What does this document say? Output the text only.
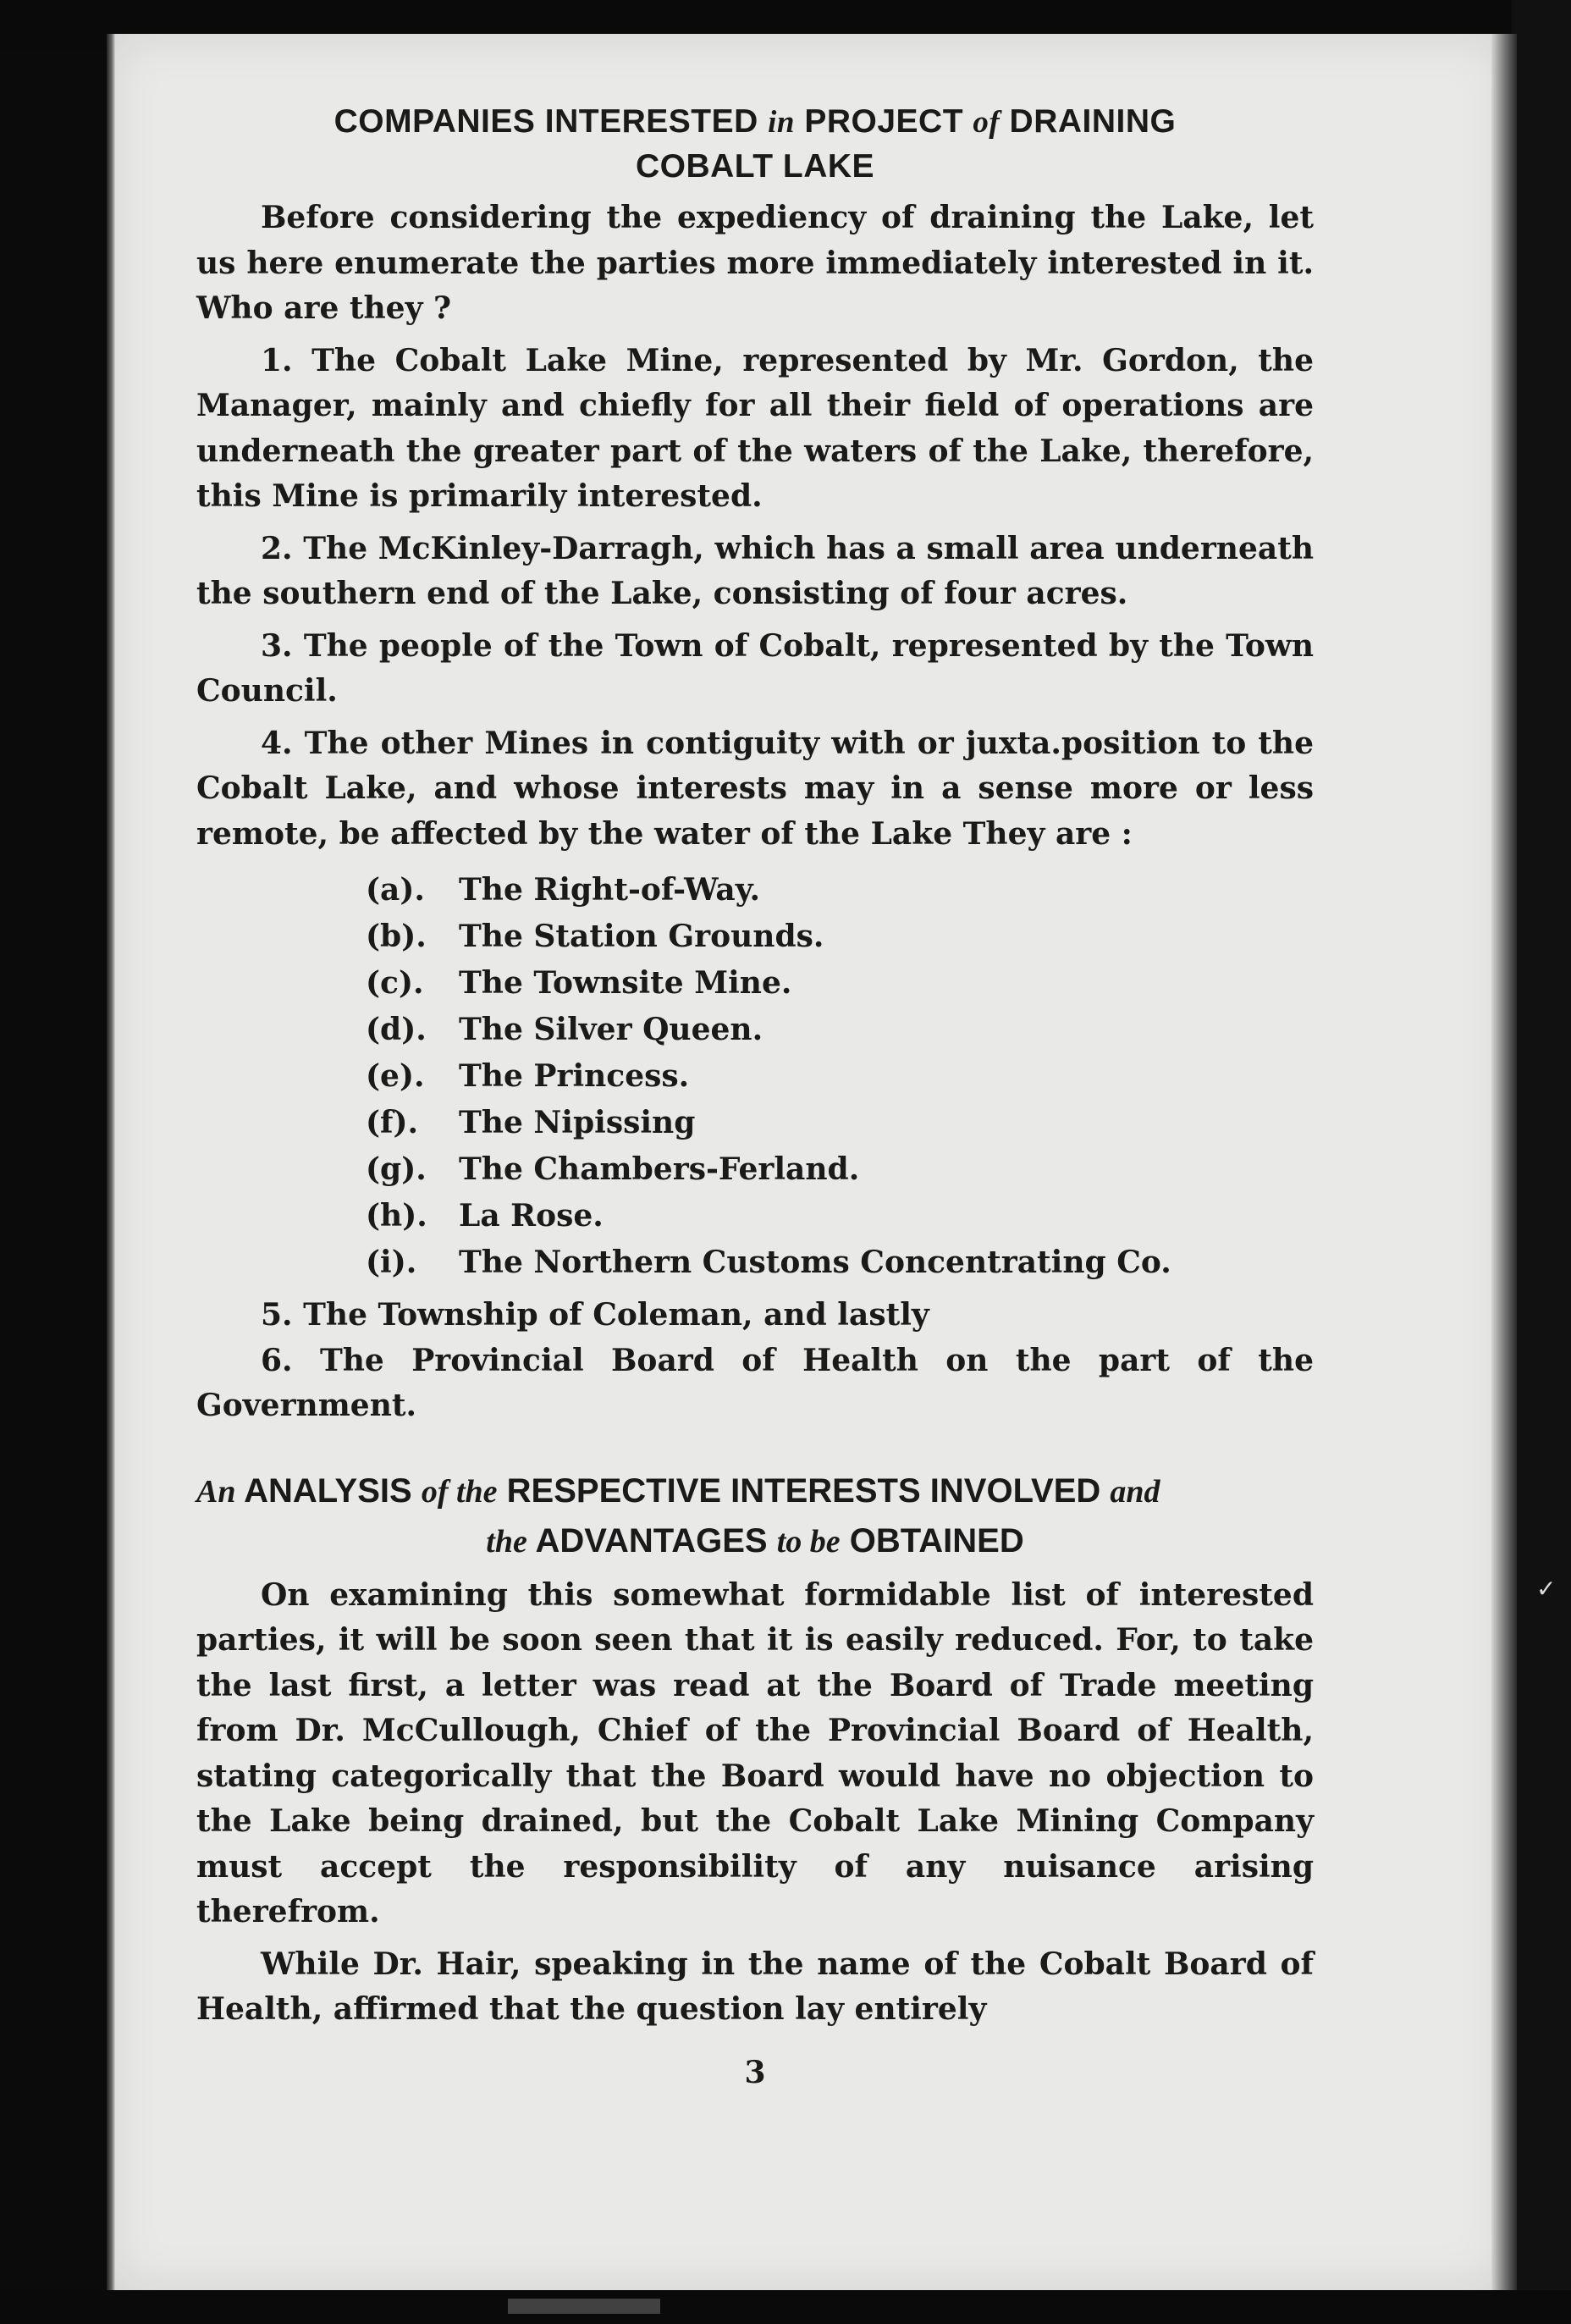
COMPANIES INTERESTED in PROJECT of DRAINING
COBALT LAKE

Before considering the expediency of draining the Lake, let us here enumerate the parties more immediately interested in it. Who are they ?

1. The Cobalt Lake Mine, represented by Mr. Gordon, the Manager, mainly and chiefly for all their field of operations are underneath the greater part of the waters of the Lake, therefore, this Mine is primarily interested.

2. The McKinley-Darragh, which has a small area underneath the southern end of the Lake, consisting of four acres.

3. The people of the Town of Cobalt, represented by the Town Council.

4. The other Mines in contiguity with or juxta.position to the Cobalt Lake, and whose interests may in a sense more or less remote, be affected by the water of the Lake They are :

(a). The Right-of-Way.
(b). The Station Grounds.
(c). The Townsite Mine.
(d). The Silver Queen.
(e). The Princess.
(f). The Nipissing
(g). The Chambers-Ferland.
(h). La Rose.
(i). The Northern Customs Concentrating Co.

5. The Township of Coleman, and lastly

6. The Provincial Board of Health on the part of the Government.

An ANALYSIS of the RESPECTIVE INTERESTS INVOLVED and
the ADVANTAGES to be OBTAINED

On examining this somewhat formidable list of interested parties, it will be soon seen that it is easily reduced. For, to take the last first, a letter was read at the Board of Trade meeting from Dr. McCullough, Chief of the Provincial Board of Health, stating categorically that the Board would have no objection to the Lake being drained, but the Cobalt Lake Mining Company must accept the responsibility of any nuisance arising therefrom.

While Dr. Hair, speaking in the name of the Cobalt Board of Health, affirmed that the question lay entirely

3
✓
